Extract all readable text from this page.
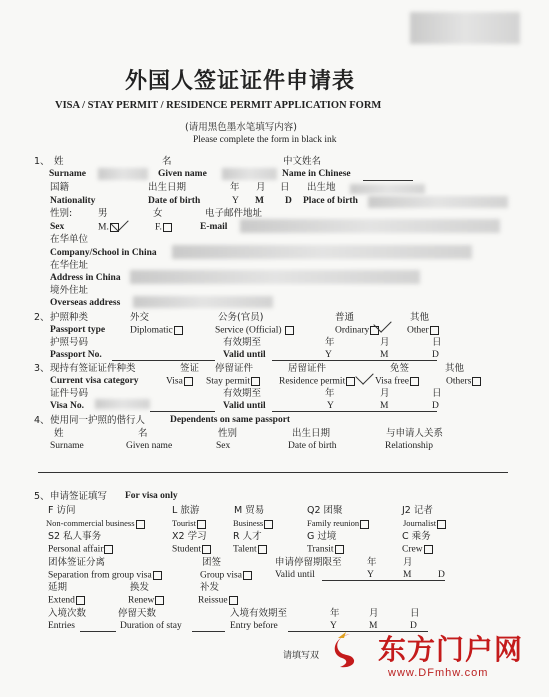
外国人签证证件申请表
VISA / STAY PERMIT / RESIDENCE PERMIT APPLICATION FORM
(请用黑色墨水笔填写内容)
Please complete the form in black ink
1、 姓	名	中文姓名
Surname	Given name	Name in Chinese
国籍	出生日期	年 月 日 出生地
Nationality	Date of birth	Y M D Place of birth
性别:	男	女	电子邮件地址
Sex	M.	F.	E-mail
在华单位
Company/School in China
在华住址
Address in China
境外住址
Overseas address
2、 护照种类	外交	公务(官员)	普通	其他
Passport type	Diplomatic	Service (Official)	Ordinary	Other
护照号码	有效期至	年	月	日
Passport No.	Valid until	Y	M	D
3、 现持有签证证件种类	签证 停留证件	居留证件	免签	其他
Current visa category	Visa	Stay permit	Residence permit	Visa free	Others
证件号码	有效期至	年	月	日
Visa No.	Valid until	Y	M	D
4、 使用同一护照的偕行人	Dependents on same passport
姓	名	性别	出生日期	与申请人关系
Surname	Given name	Sex	Date of birth	Relationship
5、 申请签证填写 For visa only
F 访问	L 旅游	M 贸易	Q2 团聚	J2 记者
Non-commercial business	Tourist	Business	Family reunion	Journalist
S2 私人事务	X2 学习	R 人才	G 过境	C 乘务
Personal affair	Student	Talent	Transit	Crew
团体签证分离	团签	申请停留期限至	年	月
Separation from group visa	Group visa	Valid until	Y	M	D
延期	换发	补发
Extend	Renew	Reissue
入境次数	停留天数	入境有效期至	年	月	日
Entries	Duration of stay	Entry before	Y	M	D
请填写双 东方门户网
www.DFmhw.com
